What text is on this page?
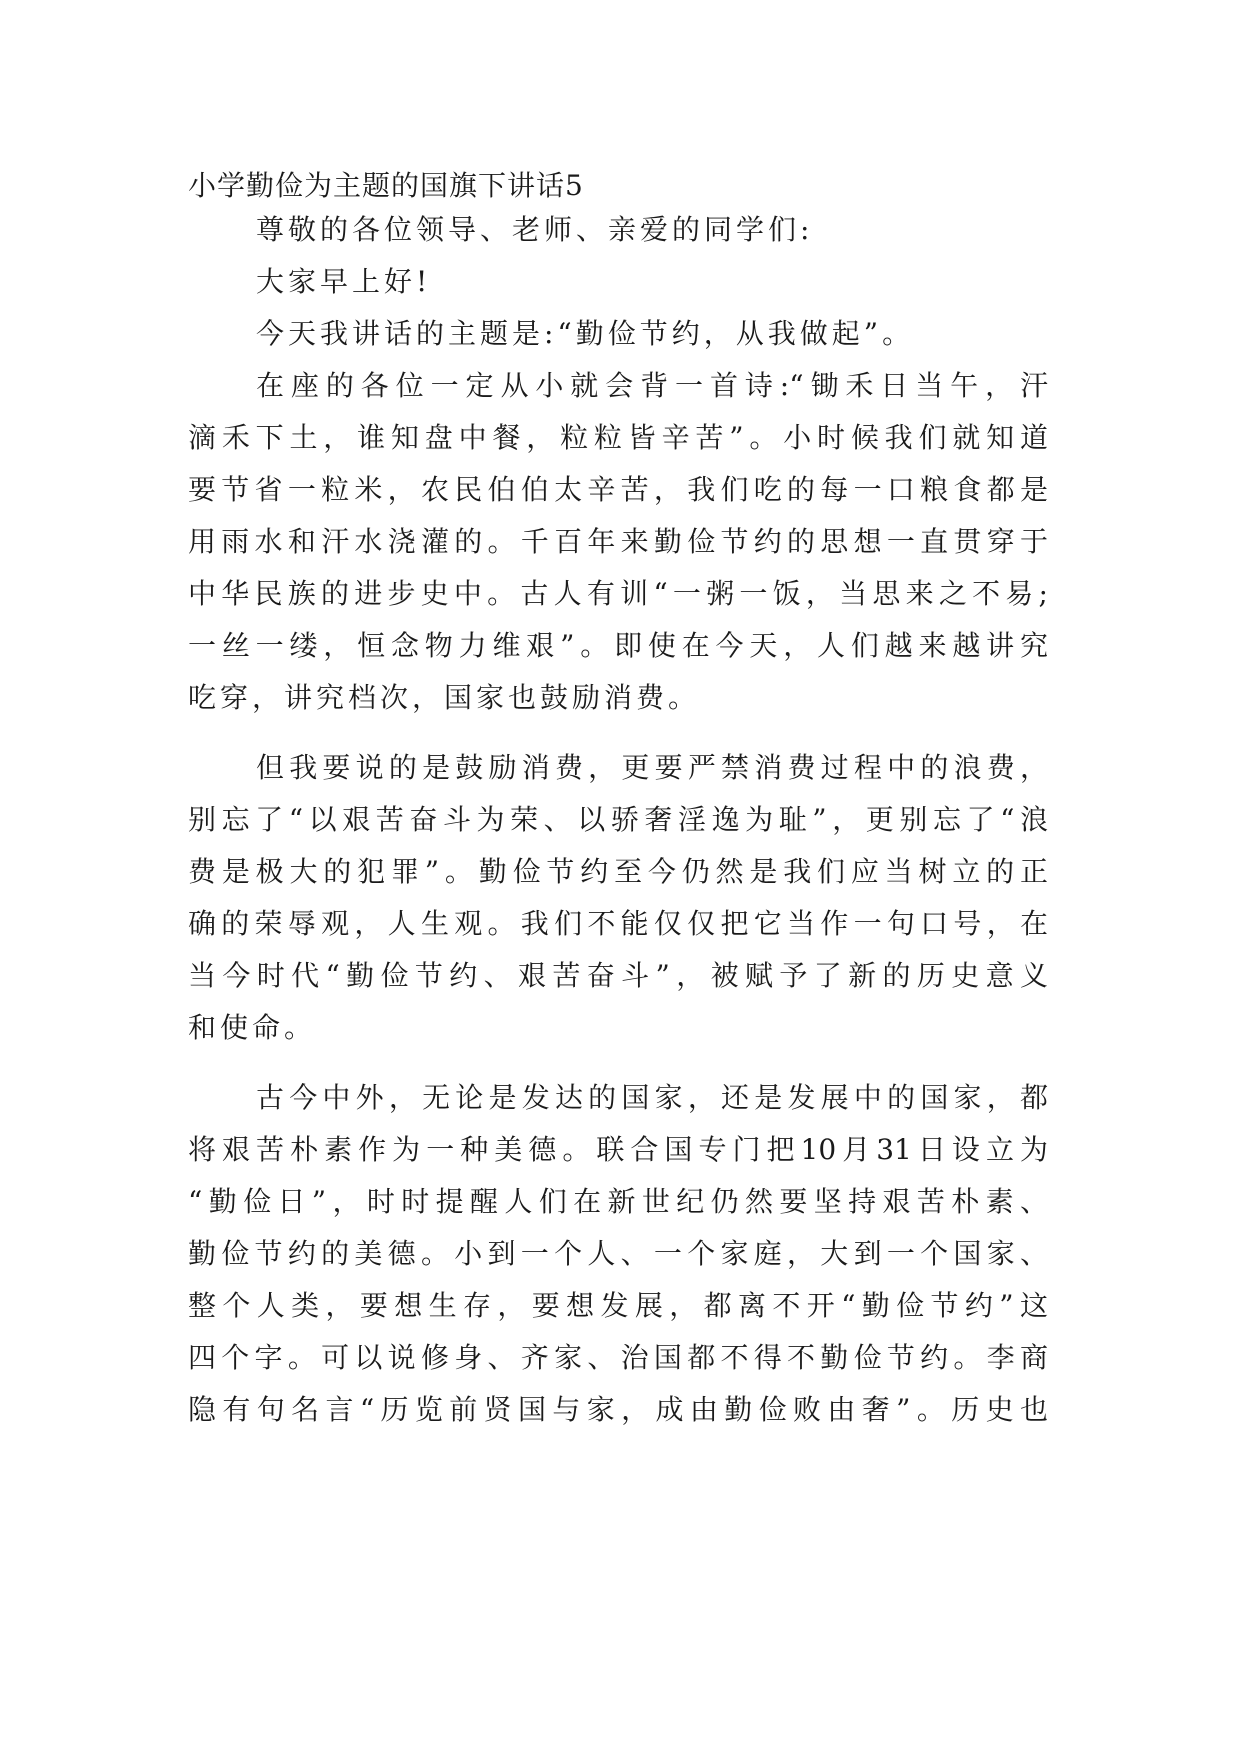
小学勤俭为主题的国旗下讲话5
尊敬的各位领导、老师、亲爱的同学们:
大家早上好!
今天我讲话的主题是:“勤俭节约，从我做起”。
在座的各位一定从小就会背一首诗:“锄禾日当午，汗
滴禾下土，谁知盘中餐，粒粒皆辛苦”。小时候我们就知道
要节省一粒米，农民伯伯太辛苦，我们吃的每一口粮食都是
用雨水和汗水浇灌的。千百年来勤俭节约的思想一直贯穿于
中华民族的进步史中。古人有训“一粥一饭，当思来之不易;
一丝一缕，恒念物力维艰”。即使在今天，人们越来越讲究
吃穿，讲究档次，国家也鼓励消费。
但我要说的是鼓励消费，更要严禁消费过程中的浪费，
别忘了“以艰苦奋斗为荣、以骄奢淫逸为耻”，更别忘了“浪
费是极大的犯罪”。勤俭节约至今仍然是我们应当树立的正
确的荣辱观，人生观。我们不能仅仅把它当作一句口号，在
当今时代“勤俭节约、艰苦奋斗”，被赋予了新的历史意义
和使命。
古今中外，无论是发达的国家，还是发展中的国家，都
将艰苦朴素作为一种美德。联合国专门把10月31日设立为
“勤俭日”，时时提醒人们在新世纪仍然要坚持艰苦朴素、
勤俭节约的美德。小到一个人、一个家庭，大到一个国家、
整个人类，要想生存，要想发展，都离不开“勤俭节约”这
四个字。可以说修身、齐家、治国都不得不勤俭节约。李商
隐有句名言“历览前贤国与家，成由勤俭败由奢”。历史也
